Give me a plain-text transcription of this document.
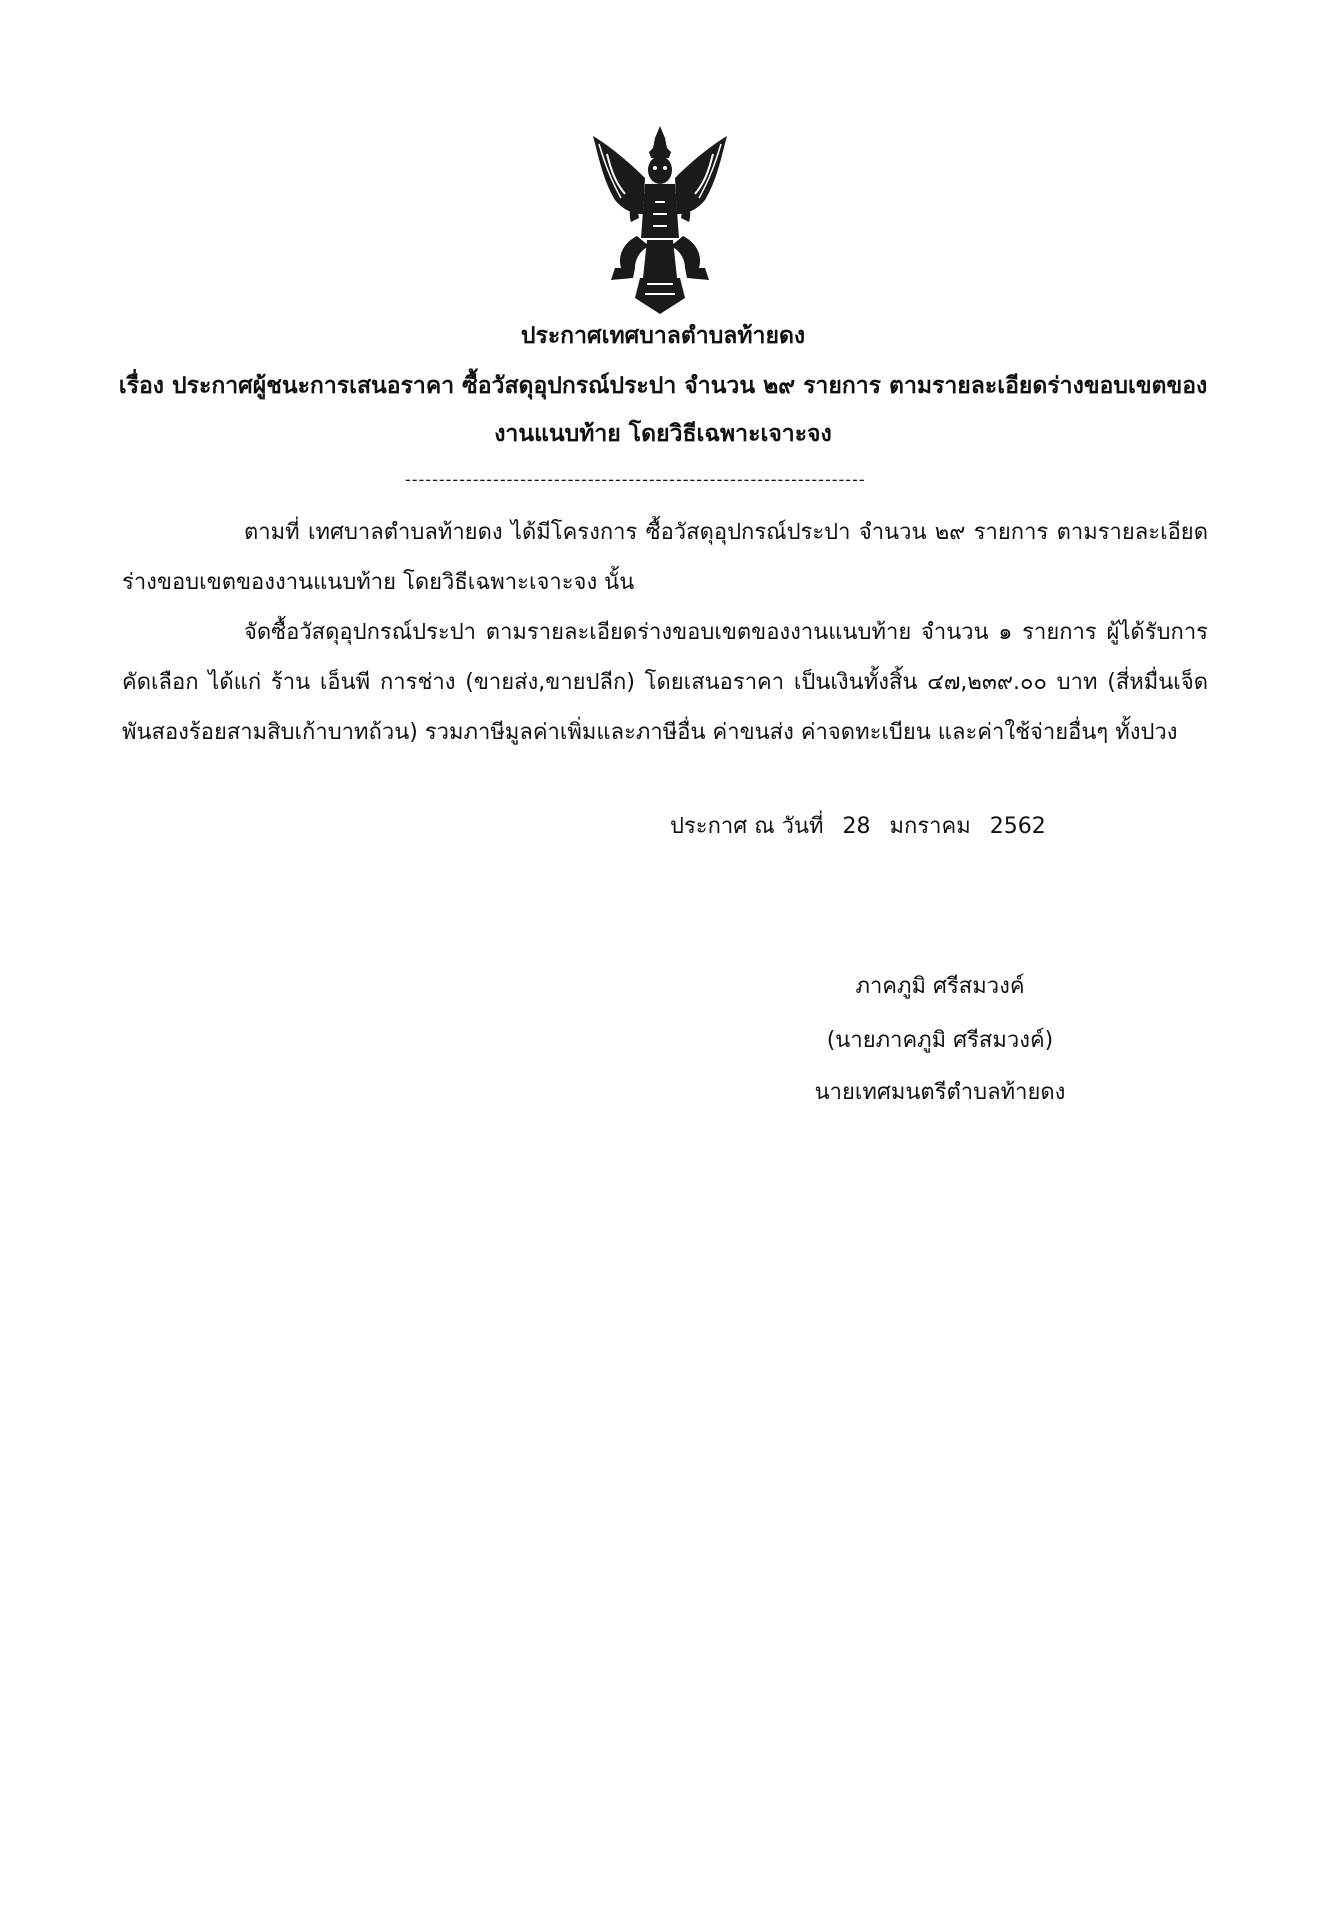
ประกาศเทศบาลตำบลท้ายดง
เรื่อง ประกาศผู้ชนะการเสนอราคา ซื้อวัสดุอุปกรณ์ประปา จำนวน ๒๙ รายการ ตามรายละเอียดร่างขอบเขตของ
งานแนบท้าย โดยวิธีเฉพาะเจาะจง
--------------------------------------------------------------------
ตามที่ เทศบาลตำบลท้ายดง ได้มีโครงการ ซื้อวัสดุอุปกรณ์ประปา จำนวน ๒๙ รายการ ตามรายละเอียดร่างขอบเขตของงานแนบท้าย โดยวิธีเฉพาะเจาะจง นั้น
จัดซื้อวัสดุอุปกรณ์ประปา ตามรายละเอียดร่างขอบเขตของงานแนบท้าย จำนวน ๑ รายการ ผู้ได้รับการคัดเลือก ได้แก่ ร้าน เอ็นพี การช่าง (ขายส่ง,ขายปลีก) โดยเสนอราคา เป็นเงินทั้งสิ้น ๔๗,๒๓๙.๐๐ บาท (สี่หมื่นเจ็ดพันสองร้อยสามสิบเก้าบาทถ้วน) รวมภาษีมูลค่าเพิ่มและภาษีอื่น ค่าขนส่ง ค่าจดทะเบียน และค่าใช้จ่ายอื่นๆ ทั้งปวง
ประกาศ ณ วันที่ 28 มกราคม 2562
ภาคภูมิ ศรีสมวงค์
(นายภาคภูมิ ศรีสมวงค์)
นายเทศมนตรีตำบลท้ายดง
